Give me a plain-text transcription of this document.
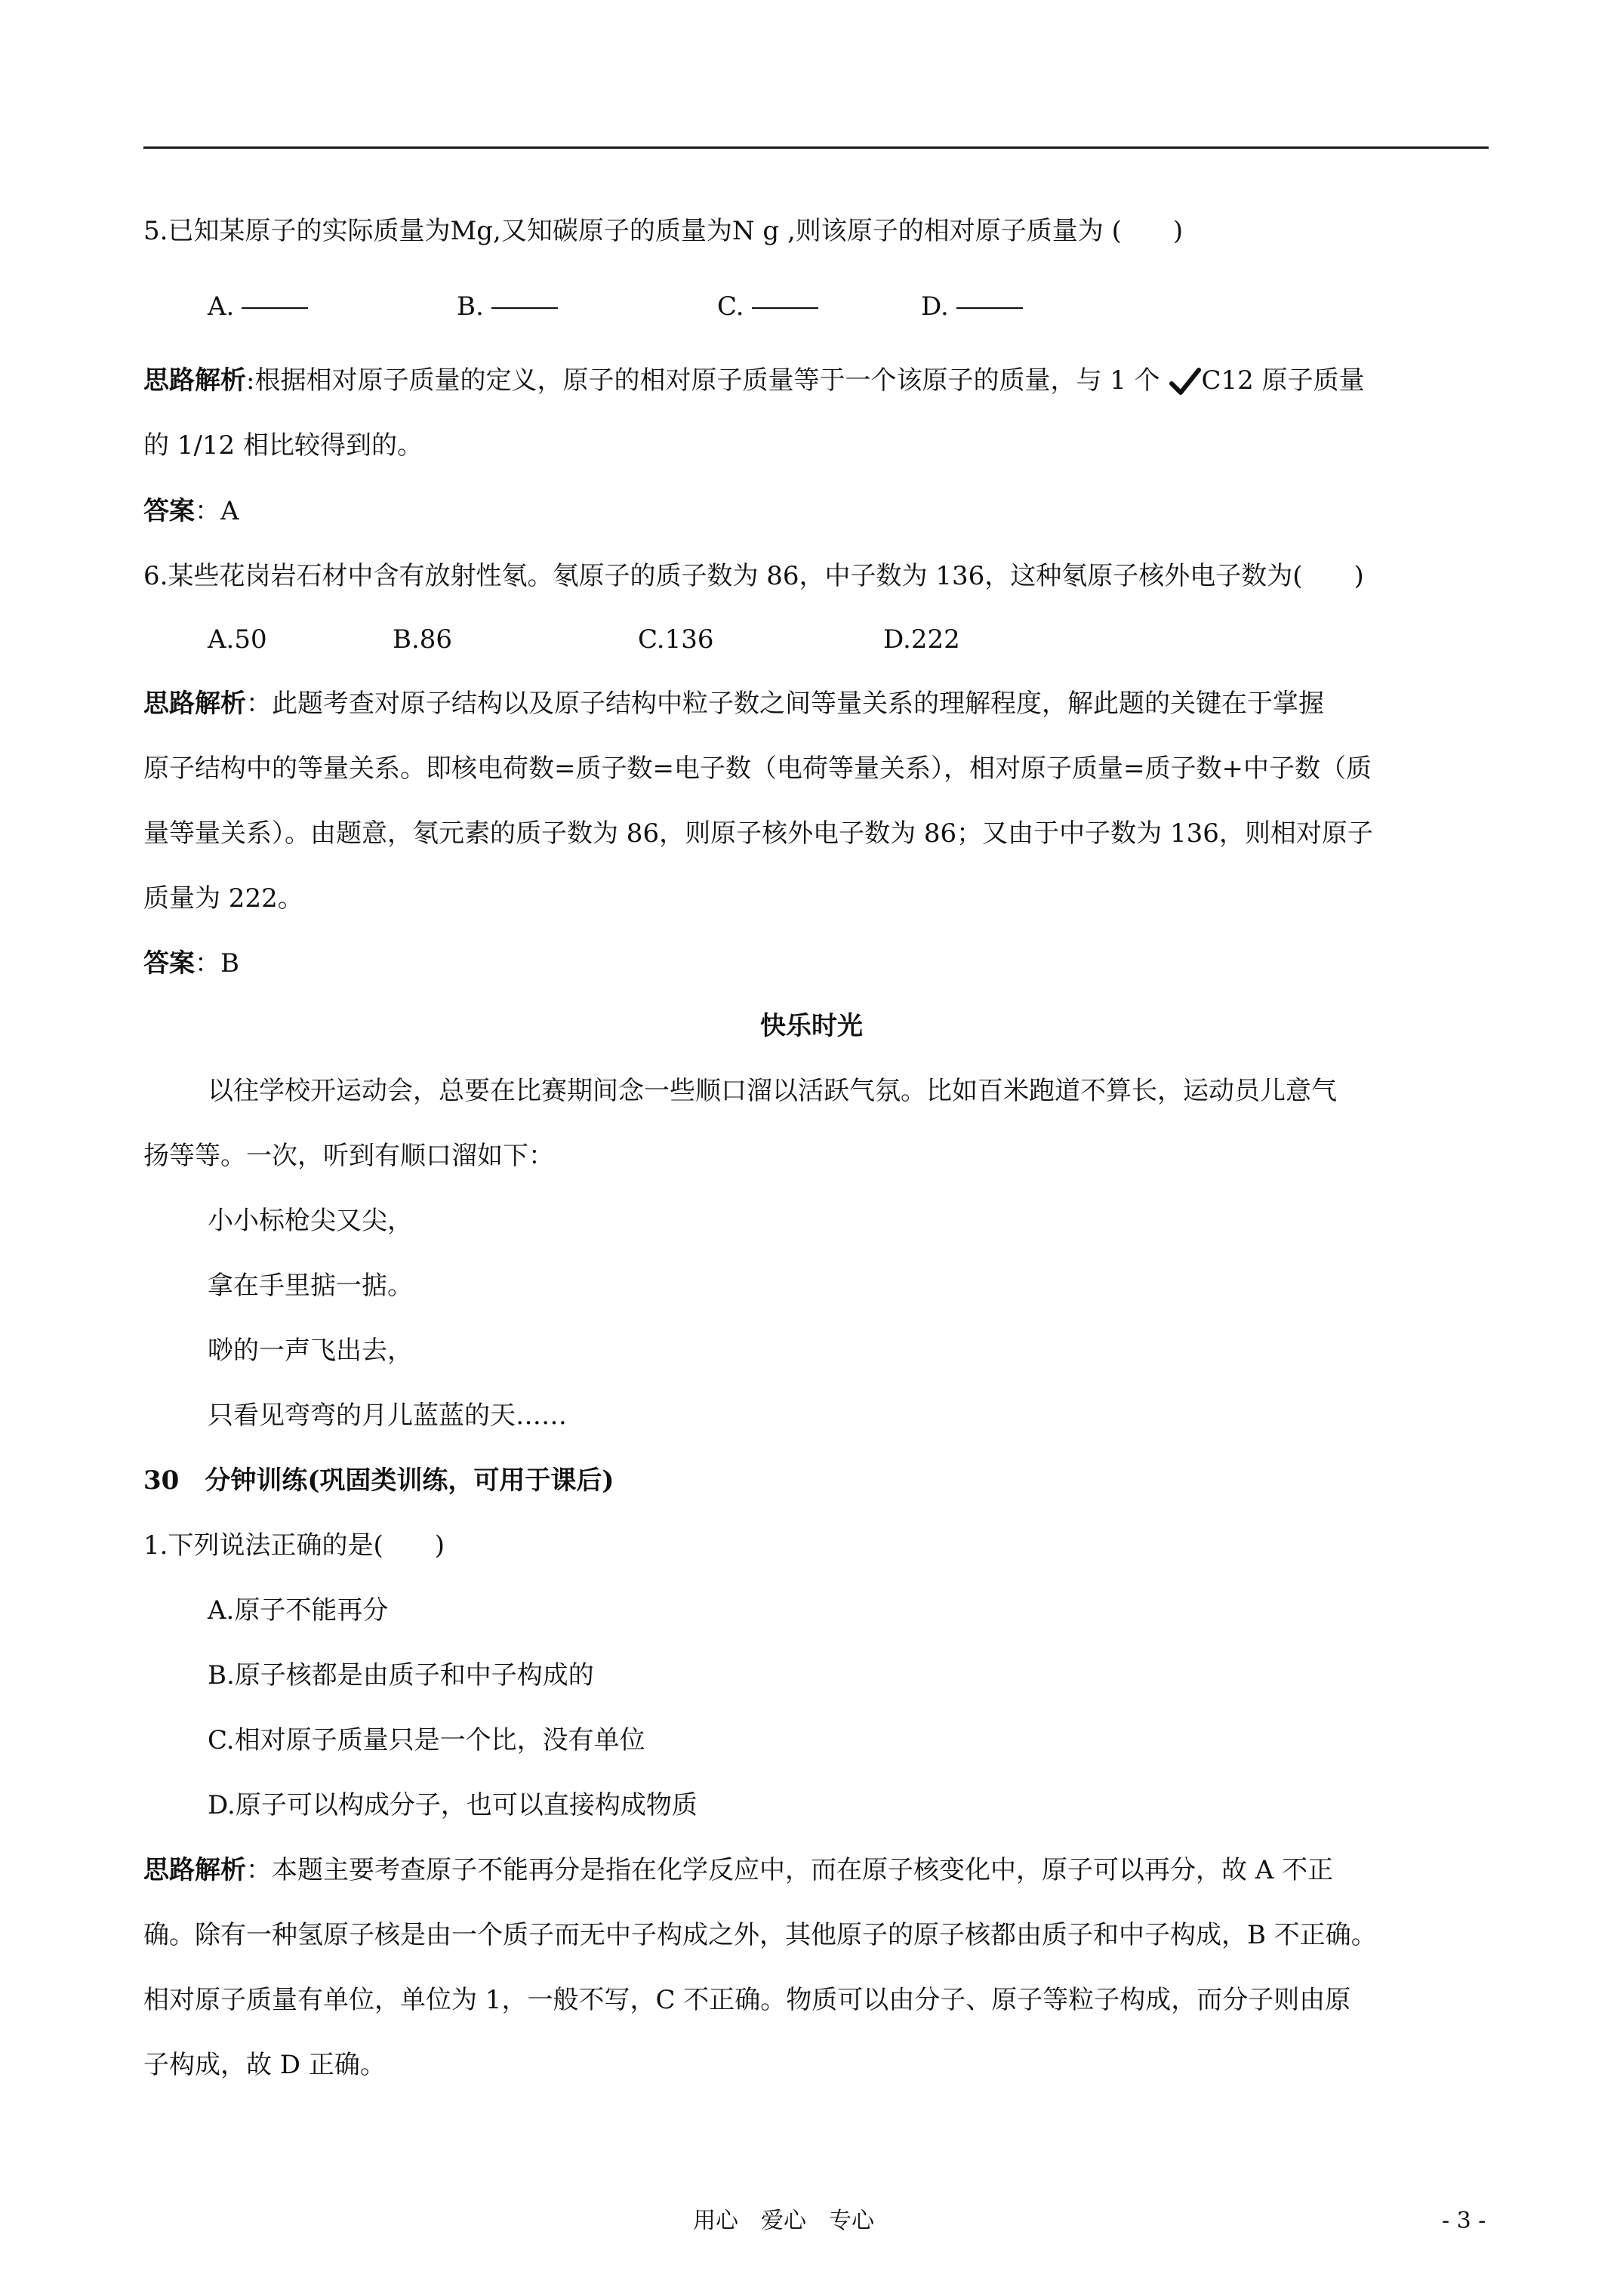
5.已知某原子的实际质量为Mg,又知碳原子的质量为N g ,则该原子的相对原子质量为 (　　)
A.	B.	C.	D.
思路解析:根据相对原子质量的定义，原子的相对原子质量等于一个该原子的质量，与 1 个 C12 原子质量
的 1/12 相比较得到的。
答案：A
6.某些花岗岩石材中含有放射性氡。氡原子的质子数为 86，中子数为 136，这种氡原子核外电子数为(　　)
A.50	B.86	C.136	D.222
思路解析：此题考查对原子结构以及原子结构中粒子数之间等量关系的理解程度，解此题的关键在于掌握
原子结构中的等量关系。即核电荷数=质子数=电子数（电荷等量关系），相对原子质量=质子数+中子数（质
量等量关系）。由题意，氡元素的质子数为 86，则原子核外电子数为 86；又由于中子数为 136，则相对原子
质量为 222。
答案：B
快乐时光
以往学校开运动会，总要在比赛期间念一些顺口溜以活跃气氛。比如百米跑道不算长，运动员儿意气
扬等等。一次，听到有顺口溜如下：
小小标枪尖又尖，
拿在手里掂一掂。
唦的一声飞出去，
只看见弯弯的月儿蓝蓝的天……
30　分钟训练(巩固类训练，可用于课后)
1.下列说法正确的是(　　)
A.原子不能再分
B.原子核都是由质子和中子构成的
C.相对原子质量只是一个比，没有单位
D.原子可以构成分子，也可以直接构成物质
思路解析：本题主要考查原子不能再分是指在化学反应中，而在原子核变化中，原子可以再分，故 A 不正
确。除有一种氢原子核是由一个质子而无中子构成之外，其他原子的原子核都由质子和中子构成，B 不正确。
相对原子质量有单位，单位为 1，一般不写，C 不正确。物质可以由分子、原子等粒子构成，而分子则由原
子构成，故 D 正确。
用心　爱心　专心	- 3 -
